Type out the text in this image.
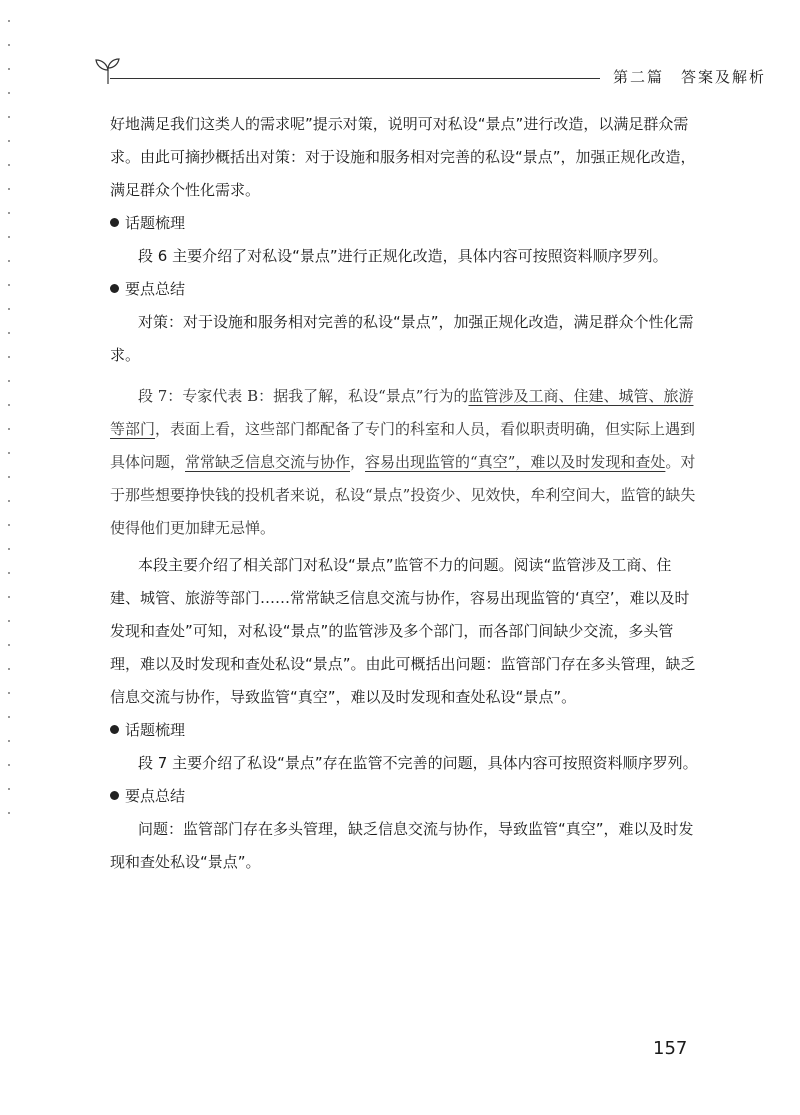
第二篇　答案及解析

好地满足我们这类人的需求呢”提示对策，说明可对私设“景点”进行改造，以满足群众需求。由此可摘抄概括出对策：对于设施和服务相对完善的私设“景点”，加强正规化改造，满足群众个性化需求。

话题梳理

段 6 主要介绍了对私设“景点”进行正规化改造，具体内容可按照资料顺序罗列。

要点总结

对策：对于设施和服务相对完善的私设“景点”，加强正规化改造，满足群众个性化需求。

段 7：专家代表 B：据我了解，私设“景点”行为的监管涉及工商、住建、城管、旅游等部门，表面上看，这些部门都配备了专门的科室和人员，看似职责明确，但实际上遇到具体问题，常常缺乏信息交流与协作，容易出现监管的“真空”，难以及时发现和查处。对于那些想要挣快钱的投机者来说，私设“景点”投资少、见效快，牟利空间大，监管的缺失使得他们更加肆无忌惮。

本段主要介绍了相关部门对私设“景点”监管不力的问题。阅读“监管涉及工商、住建、城管、旅游等部门……常常缺乏信息交流与协作，容易出现监管的‘真空’，难以及时发现和查处”可知，对私设“景点”的监管涉及多个部门，而各部门间缺少交流，多头管理，难以及时发现和查处私设“景点”。由此可概括出问题：监管部门存在多头管理，缺乏信息交流与协作，导致监管“真空”，难以及时发现和查处私设“景点”。

话题梳理

段 7 主要介绍了私设“景点”存在监管不完善的问题，具体内容可按照资料顺序罗列。

要点总结

问题：监管部门存在多头管理，缺乏信息交流与协作，导致监管“真空”，难以及时发现和查处私设“景点”。

157
